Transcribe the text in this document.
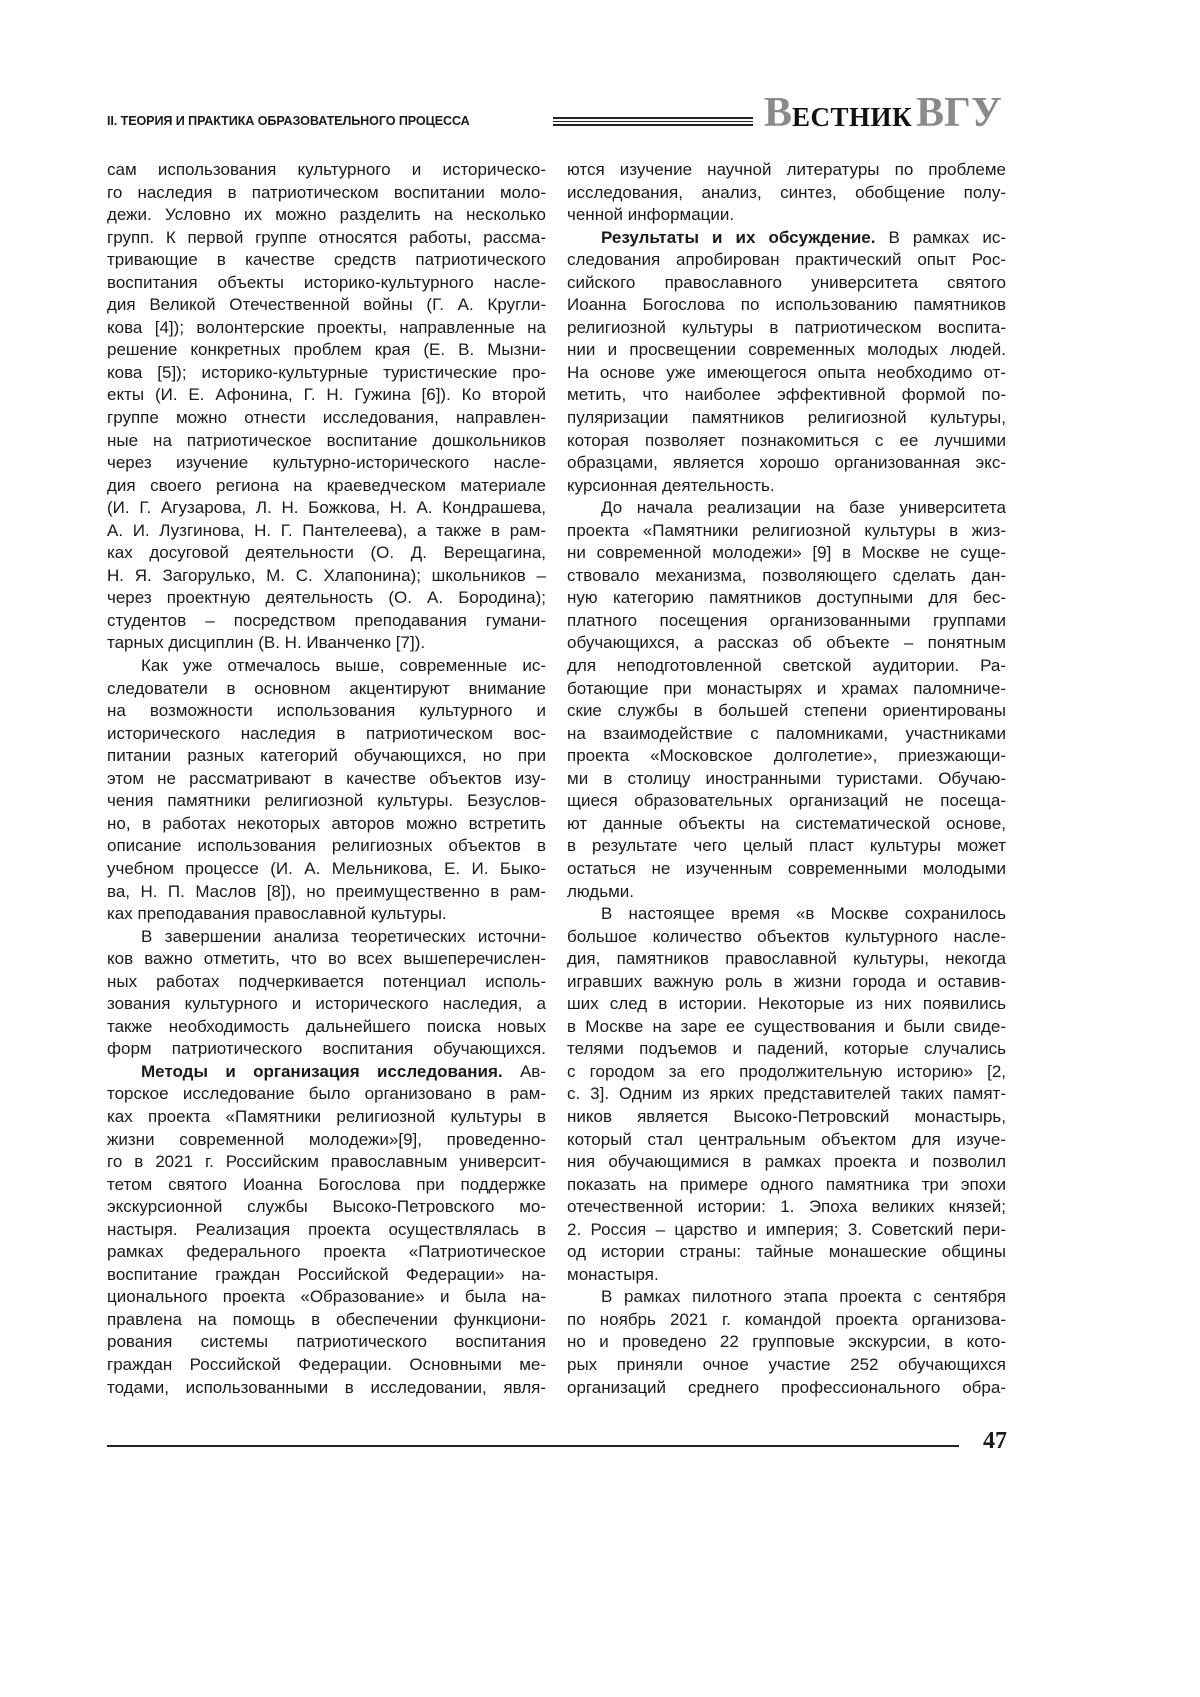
II. ТЕОРИЯ И ПРАКТИКА ОБРАЗОВАТЕЛЬНОГО ПРОЦЕССА	ВЕСТНИК ВГУ
сам использования культурного и историческо-
го наследия в патриотическом воспитании моло-
дежи. Условно их можно разделить на несколько
групп. К первой группе относятся работы, рассма-
тривающие в качестве средств патриотического
воспитания объекты историко-культурного насле-
дия Великой Отечественной войны (Г. А. Кругли-
кова [4]); волонтерские проекты, направленные на
решение конкретных проблем края (Е. В. Мызни-
кова [5]); историко-культурные туристические про-
екты (И. Е. Афонина, Г. Н. Гужина [6]). Ко второй
группе можно отнести исследования, направлен-
ные на патриотическое воспитание дошкольников
через изучение культурно-исторического насле-
дия своего региона на краеведческом материале
(И. Г. Агузарова, Л. Н. Божкова, Н. А. Кондрашева,
А. И. Лузгинова, Н. Г. Пантелеева), а также в рам-
ках досуговой деятельности (О. Д. Верещагина,
Н. Я. Загорулько, М. С. Хлапонина); школьников –
через проектную деятельность (О. А. Бородина);
студентов – посредством преподавания гумани-
тарных дисциплин (В. Н. Иванченко [7]).
Как уже отмечалось выше, современные ис-
следователи в основном акцентируют внимание
на возможности использования культурного и
исторического наследия в патриотическом вос-
питании разных категорий обучающихся, но при
этом не рассматривают в качестве объектов изу-
чения памятники религиозной культуры. Безуслов-
но, в работах некоторых авторов можно встретить
описание использования религиозных объектов в
учебном процессе (И. А. Мельникова, Е. И. Быко-
ва, Н. П. Маслов [8]), но преимущественно в рам-
ках преподавания православной культуры.
В завершении анализа теоретических источни-
ков важно отметить, что во всех вышеперечислен-
ных работах подчеркивается потенциал исполь-
зования культурного и исторического наследия, а
также необходимость дальнейшего поиска новых
форм патриотического воспитания обучающихся.
Методы и организация исследования. Ав-
торское исследование было организовано в рам-
ках проекта «Памятники религиозной культуры в
жизни современной молодежи»[9], проведенно-
го в 2021 г. Российским православным университ-
тетом святого Иоанна Богослова при поддержке
экскурсионной службы Высоко-Петровского мо-
настыря. Реализация проекта осуществлялась в
рамках федерального проекта «Патриотическое
воспитание граждан Российской Федерации» на-
ционального проекта «Образование» и была на-
правлена на помощь в обеспечении функциони-
рования системы патриотического воспитания
граждан Российской Федерации. Основными ме-
тодами, использованными в исследовании, явля-
ются изучение научной литературы по проблеме
исследования, анализ, синтез, обобщение полу-
ченной информации.
Результаты и их обсуждение. В рамках ис-
следования апробирован практический опыт Рос-
сийского православного университета святого
Иоанна Богослова по использованию памятников
религиозной культуры в патриотическом воспита-
нии и просвещении современных молодых людей.
На основе уже имеющегося опыта необходимо от-
метить, что наиболее эффективной формой по-
пуляризации памятников религиозной культуры,
которая позволяет познакомиться с ее лучшими
образцами, является хорошо организованная экс-
курсионная деятельность.
До начала реализации на базе университета
проекта «Памятники религиозной культуры в жиз-
ни современной молодежи» [9] в Москве не суще-
ствовало механизма, позволяющего сделать дан-
ную категорию памятников доступными для бес-
платного посещения организованными группами
обучающихся, а рассказ об объекте – понятным
для неподготовленной светской аудитории. Ра-
ботающие при монастырях и храмах паломниче-
ские службы в большей степени ориентированы
на взаимодействие с паломниками, участниками
проекта «Московское долголетие», приезжающи-
ми в столицу иностранными туристами. Обучаю-
щиеся образовательных организаций не посеща-
ют данные объекты на систематической основе,
в результате чего целый пласт культуры может
остаться не изученным современными молодыми
людьми.
В настоящее время «в Москве сохранилось
большое количество объектов культурного насле-
дия, памятников православной культуры, некогда
игравших важную роль в жизни города и оставив-
ших след в истории. Некоторые из них появились
в Москве на заре ее существования и были свиде-
телями подъемов и падений, которые случались
с городом за его продолжительную историю» [2,
с. 3]. Одним из ярких представителей таких памят-
ников является Высоко-Петровский монастырь,
который стал центральным объектом для изуче-
ния обучающимися в рамках проекта и позволил
показать на примере одного памятника три эпохи
отечественной истории: 1. Эпоха великих князей;
2. Россия – царство и империя; 3. Советский пери-
од истории страны: тайные монашеские общины
монастыря.
В рамках пилотного этапа проекта с сентября
по ноябрь 2021 г. командой проекта организова-
но и проведено 22 групповые экскурсии, в кото-
рых приняли очное участие 252 обучающихся
организаций среднего профессионального обра-
47
